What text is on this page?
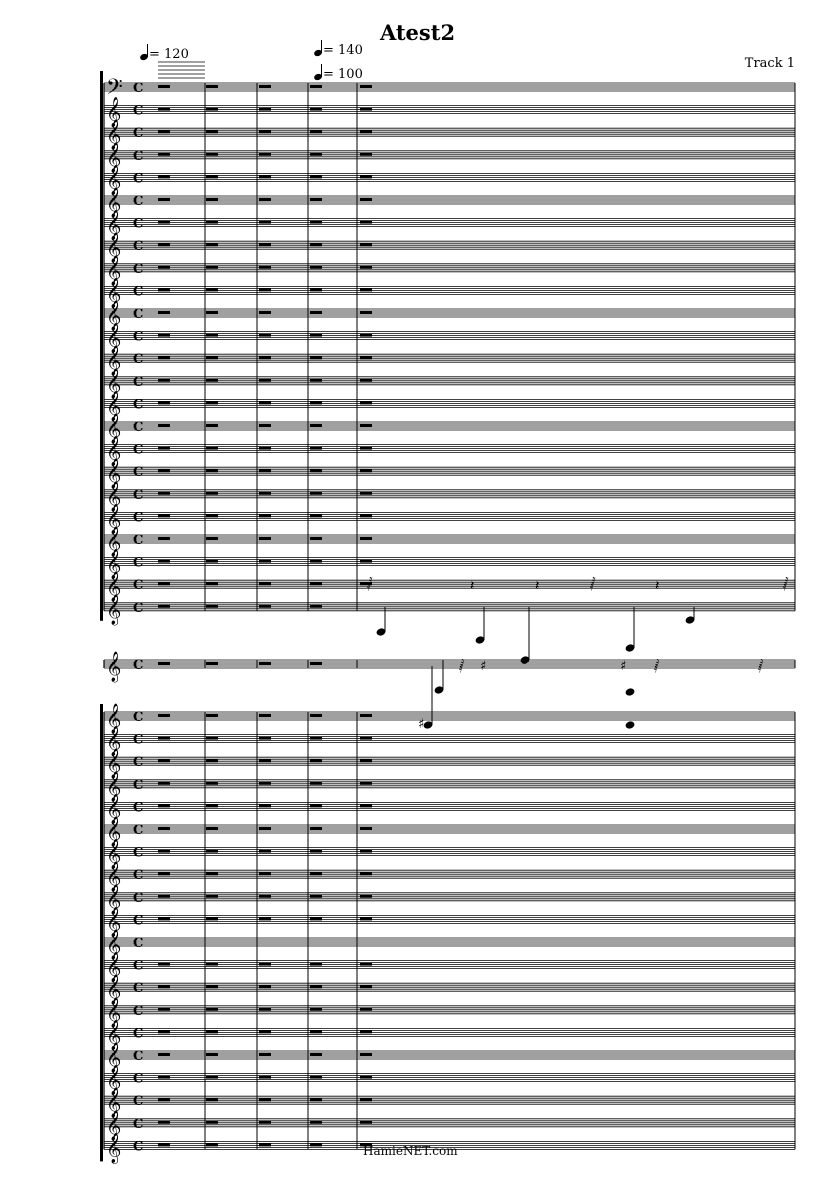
𝄢 C
𝄞 C
𝄞 C
𝄞 C
𝄞 C
𝄞 C
𝄞 C
𝄞 C
𝄞 C
𝄞 C
𝄞 C
𝄞 C
𝄞 C
𝄞 C
𝄞 C
𝄞 C
𝄞 C
𝄞 C
𝄞 C
𝄞 C
𝄞 C
𝄞 C
𝄞 C
𝄞 C
𝄞 C
𝄽	𝄽	𝄽
𝅂	𝅂	𝅂
♯
♯	♯
𝅂	𝅂	𝅂
𝄞 C
𝄞 C
𝄞 C
𝄞 C
𝄞 C
𝄞 C
𝄞 C
𝄞 C
𝄞 C
𝄞 C
𝄞 C
𝄞 C
𝄞 C
𝄞 C
𝄞 C
𝄞 C
𝄞 C
𝄞 C
𝄞 C
𝄞 C
Atest2
Track 1
HamieNET.com
= 120	= 140
= 100
